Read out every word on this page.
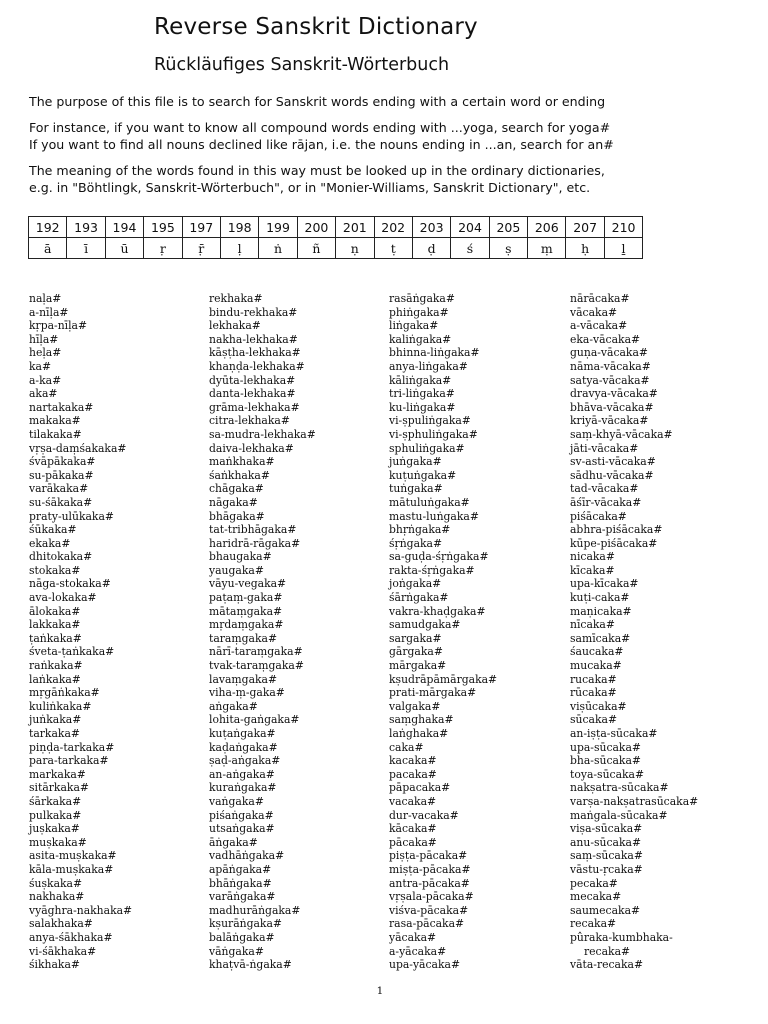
Reverse Sanskrit Dictionary
Rückläufiges Sanskrit-Wörterbuch
The purpose of this file is to search for Sanskrit words ending with a certain word or ending
For instance, if you want to know all compound words ending with ...yoga, search for yoga#
If you want to find all nouns declined like rājan, i.e. the nouns ending in ...an, search for an#
The meaning of the words found in this way must be looked up in the ordinary dictionaries,
e.g. in "Böhtlingk, Sanskrit-Wörterbuch", or in "Monier-Williams, Sanskrit Dictionary", etc.
192	193	194	195	197	198	199	200	201	202	203	204	205	206	207	210
ā	ī	ū	ṛ	ṝ	ḷ	ṅ	ñ	ṇ	ṭ	ḍ	ś	ṣ	ṃ	ḥ	ḻ
naḷa#
a-nīḷa#
kṛpa-nīḷa#
hīḷa#
heḷa#
ka#
a-ka#
aka#
nartakaka#
makaka#
tilakaka#
vṛṣa-daṃśakaka#
śvāpākaka#
su-pākaka#
varākaka#
su-śākaka#
praty-ulūkaka#
śūkaka#
ekaka#
dhitokaka#
stokaka#
nāga-stokaka#
ava-lokaka#
ālokaka#
lakkaka#
ṭaṅkaka#
śveta-ṭaṅkaka#
raṅkaka#
laṅkaka#
mṛgāṅkaka#
kuliṅkaka#
juṅkaka#
tarkaka#
piṇḍa-tarkaka#
para-tarkaka#
markaka#
sitārkaka#
śārkaka#
pulkaka#
juṣkaka#
muṣkaka#
asita-muṣkaka#
kāla-muṣkaka#
śuṣkaka#
nakhaka#
vyāghra-nakhaka#
salakhaka#
anya-śākhaka#
vi-śākhaka#
śikhaka#
rekhaka#
bindu-rekhaka#
lekhaka#
nakha-lekhaka#
kāṣṭha-lekhaka#
khaṇḍa-lekhaka#
dyūta-lekhaka#
danta-lekhaka#
grāma-lekhaka#
citra-lekhaka#
sa-mudra-lekhaka#
daiva-lekhaka#
maṅkhaka#
śaṅkhaka#
chāgaka#
nāgaka#
bhāgaka#
tat-tribhāgaka#
haridrā-rāgaka#
bhaugaka#
yaugaka#
vāyu-vegaka#
paṭaṃ-gaka#
mātaṃgaka#
mṛdaṃgaka#
taraṃgaka#
nārī-taraṃgaka#
tvak-taraṃgaka#
lavaṃgaka#
viha-ṃ-gaka#
aṅgaka#
lohita-gaṅgaka#
kuṭaṅgaka#
kaḍaṅgaka#
ṣaḍ-aṅgaka#
an-aṅgaka#
kuraṅgaka#
vaṅgaka#
piśaṅgaka#
utsaṅgaka#
āṅgaka#
vadhāṅgaka#
apāṅgaka#
bhāṅgaka#
varāṅgaka#
madhurāṅgaka#
kṣurāṅgaka#
balāṅgaka#
vāṅgaka#
khaṭvā-ṅgaka#
rasāṅgaka#
phiṅgaka#
liṅgaka#
kaliṅgaka#
bhinna-liṅgaka#
anya-liṅgaka#
kāliṅgaka#
tri-liṅgaka#
ku-liṅgaka#
vi-ṣpuliṅgaka#
vi-ṣphuliṅgaka#
sphuliṅgaka#
juṅgaka#
kuṭuṅgaka#
tuṅgaka#
mātuluṅgaka#
mastu-luṅgaka#
bhṛṅgaka#
śṛṅgaka#
sa-guḍa-śṛṅgaka#
rakta-śṛṅgaka#
joṅgaka#
śārṅgaka#
vakra-khaḍgaka#
samudgaka#
sargaka#
gārgaka#
mārgaka#
kṣudrāpāmārgaka#
prati-mārgaka#
valgaka#
saṃghaka#
laṅghaka#
caka#
kacaka#
pacaka#
pāpacaka#
vacaka#
dur-vacaka#
kācaka#
pācaka#
piṣṭa-pācaka#
miṣṭa-pācaka#
antra-pācaka#
vṛṣala-pācaka#
viśva-pācaka#
rasa-pācaka#
yācaka#
a-yācaka#
upa-yācaka#
nārācaka#
vācaka#
a-vācaka#
eka-vācaka#
guṇa-vācaka#
nāma-vācaka#
satya-vācaka#
dravya-vācaka#
bhāva-vācaka#
kriyā-vācaka#
saṃ-khyā-vācaka#
jāti-vācaka#
sv-asti-vācaka#
sādhu-vācaka#
tad-vācaka#
āśīr-vācaka#
piśācaka#
abhra-piśācaka#
kūpe-piśācaka#
nicaka#
kīcaka#
upa-kīcaka#
kuṭi-caka#
maṇicaka#
nīcaka#
samīcaka#
śaucaka#
mucaka#
rucaka#
rūcaka#
viṣūcaka#
sūcaka#
an-iṣṭa-sūcaka#
upa-sūcaka#
bha-sūcaka#
toya-sūcaka#
nakṣatra-sūcaka#
varṣa-nakṣatrasūcaka#
maṅgala-sūcaka#
viṣa-sūcaka#
anu-sūcaka#
saṃ-sūcaka#
vāstu-ṛcaka#
pecaka#
mecaka#
saumecaka#
recaka#
pûraka-kumbhaka-
recaka#
vāta-recaka#
1
